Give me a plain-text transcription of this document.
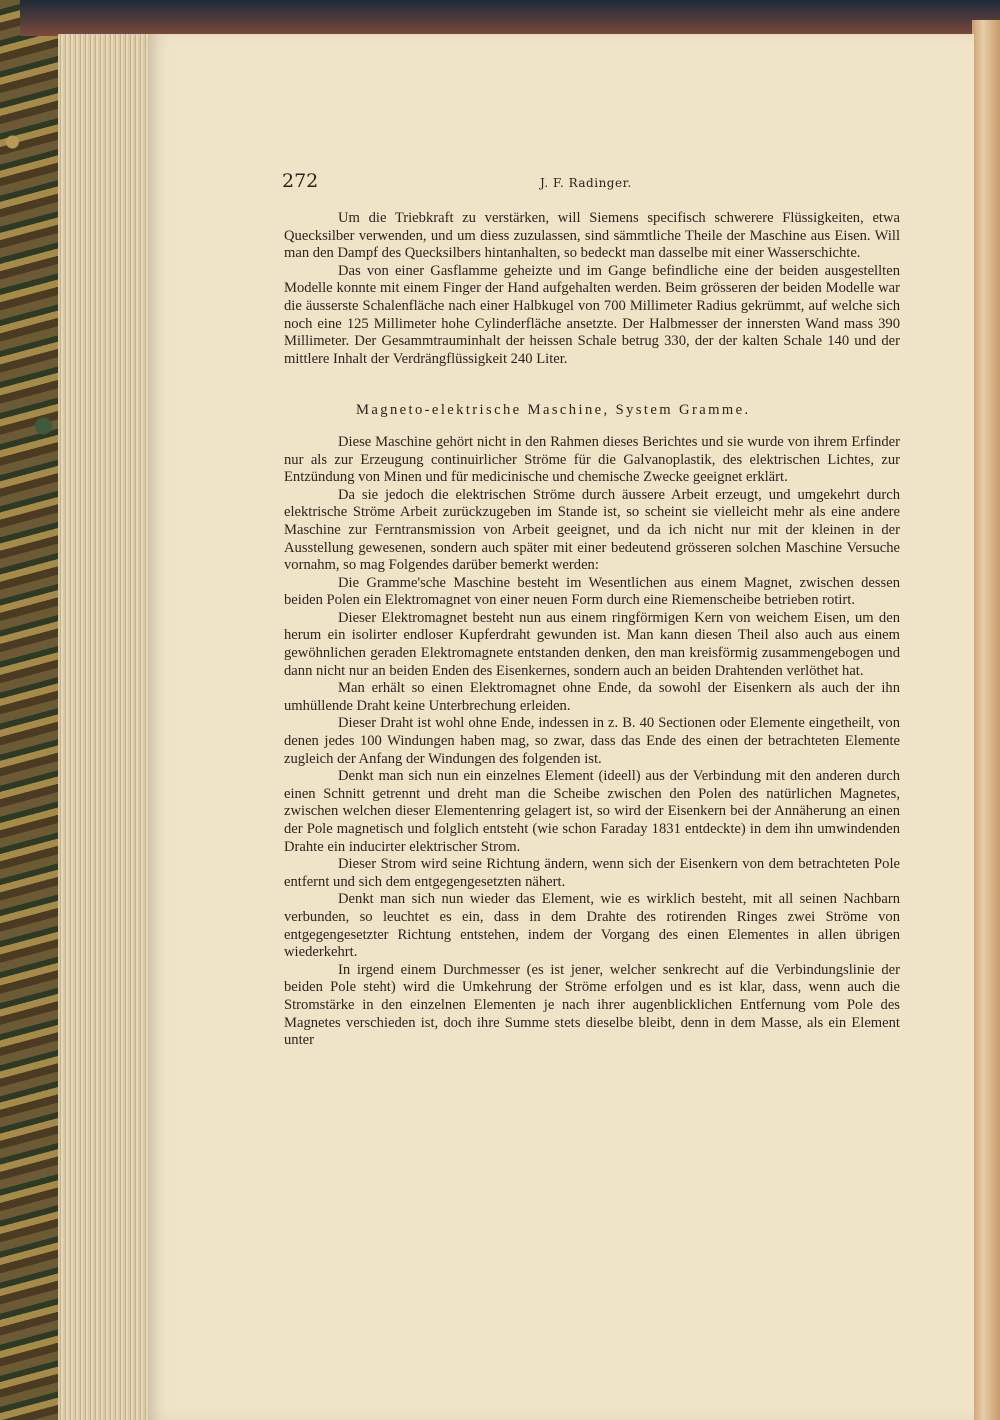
272	J. F. Radinger.

Um die Triebkraft zu verstärken, will Siemens specifisch schwerere Flüssigkeiten, etwa Quecksilber verwenden, und um diess zuzulassen, sind sämmtliche Theile der Maschine aus Eisen. Will man den Dampf des Quecksilbers hintanhalten, so bedeckt man dasselbe mit einer Wasserschichte.

Das von einer Gasflamme geheizte und im Gange befindliche eine der beiden ausgestellten Modelle konnte mit einem Finger der Hand aufgehalten werden. Beim grösseren der beiden Modelle war die äusserste Schalenfläche nach einer Halbkugel von 700 Millimeter Radius gekrümmt, auf welche sich noch eine 125 Millimeter hohe Cylinderfläche ansetzte. Der Halbmesser der innersten Wand mass 390 Millimeter. Der Gesammtrauminhalt der heissen Schale betrug 330, der der kalten Schale 140 und der mittlere Inhalt der Verdrängflüssigkeit 240 Liter.

Magneto-elektrische Maschine, System Gramme.

Diese Maschine gehört nicht in den Rahmen dieses Berichtes und sie wurde von ihrem Erfinder nur als zur Erzeugung continuirlicher Ströme für die Galvanoplastik, des elektrischen Lichtes, zur Entzündung von Minen und für medicinische und chemische Zwecke geeignet erklärt.

Da sie jedoch die elektrischen Ströme durch äussere Arbeit erzeugt, und umgekehrt durch elektrische Ströme Arbeit zurückzugeben im Stande ist, so scheint sie vielleicht mehr als eine andere Maschine zur Ferntransmission von Arbeit geeignet, und da ich nicht nur mit der kleinen in der Ausstellung gewesenen, sondern auch später mit einer bedeutend grösseren solchen Maschine Versuche vornahm, so mag Folgendes darüber bemerkt werden:

Die Gramme'sche Maschine besteht im Wesentlichen aus einem Magnet, zwischen dessen beiden Polen ein Elektromagnet von einer neuen Form durch eine Riemenscheibe betrieben rotirt.

Dieser Elektromagnet besteht nun aus einem ringförmigen Kern von weichem Eisen, um den herum ein isolirter endloser Kupferdraht gewunden ist. Man kann diesen Theil also auch aus einem gewöhnlichen geraden Elektromagnete entstanden denken, den man kreisförmig zusammengebogen und dann nicht nur an beiden Enden des Eisenkernes, sondern auch an beiden Drahtenden verlöthet hat.

Man erhält so einen Elektromagnet ohne Ende, da sowohl der Eisenkern als auch der ihn umhüllende Draht keine Unterbrechung erleiden.

Dieser Draht ist wohl ohne Ende, indessen in z. B. 40 Sectionen oder Elemente eingetheilt, von denen jedes 100 Windungen haben mag, so zwar, dass das Ende des einen der betrachteten Elemente zugleich der Anfang der Windungen des folgenden ist.

Denkt man sich nun ein einzelnes Element (ideell) aus der Verbindung mit den anderen durch einen Schnitt getrennt und dreht man die Scheibe zwischen den Polen des natürlichen Magnetes, zwischen welchen dieser Elementenring gelagert ist, so wird der Eisenkern bei der Annäherung an einen der Pole magnetisch und folglich entsteht (wie schon Faraday 1831 entdeckte) in dem ihn umwindenden Drahte ein inducirter elektrischer Strom.

Dieser Strom wird seine Richtung ändern, wenn sich der Eisenkern von dem betrachteten Pole entfernt und sich dem entgegengesetzten nähert.

Denkt man sich nun wieder das Element, wie es wirklich besteht, mit all seinen Nachbarn verbunden, so leuchtet es ein, dass in dem Drahte des rotirenden Ringes zwei Ströme von entgegengesetzter Richtung entstehen, indem der Vorgang des einen Elementes in allen übrigen wiederkehrt.

In irgend einem Durchmesser (es ist jener, welcher senkrecht auf die Verbindungslinie der beiden Pole steht) wird die Umkehrung der Ströme erfolgen und es ist klar, dass, wenn auch die Stromstärke in den einzelnen Elementen je nach ihrer augenblicklichen Entfernung vom Pole des Magnetes verschieden ist, doch ihre Summe stets dieselbe bleibt, denn in dem Masse, als ein Element unter
